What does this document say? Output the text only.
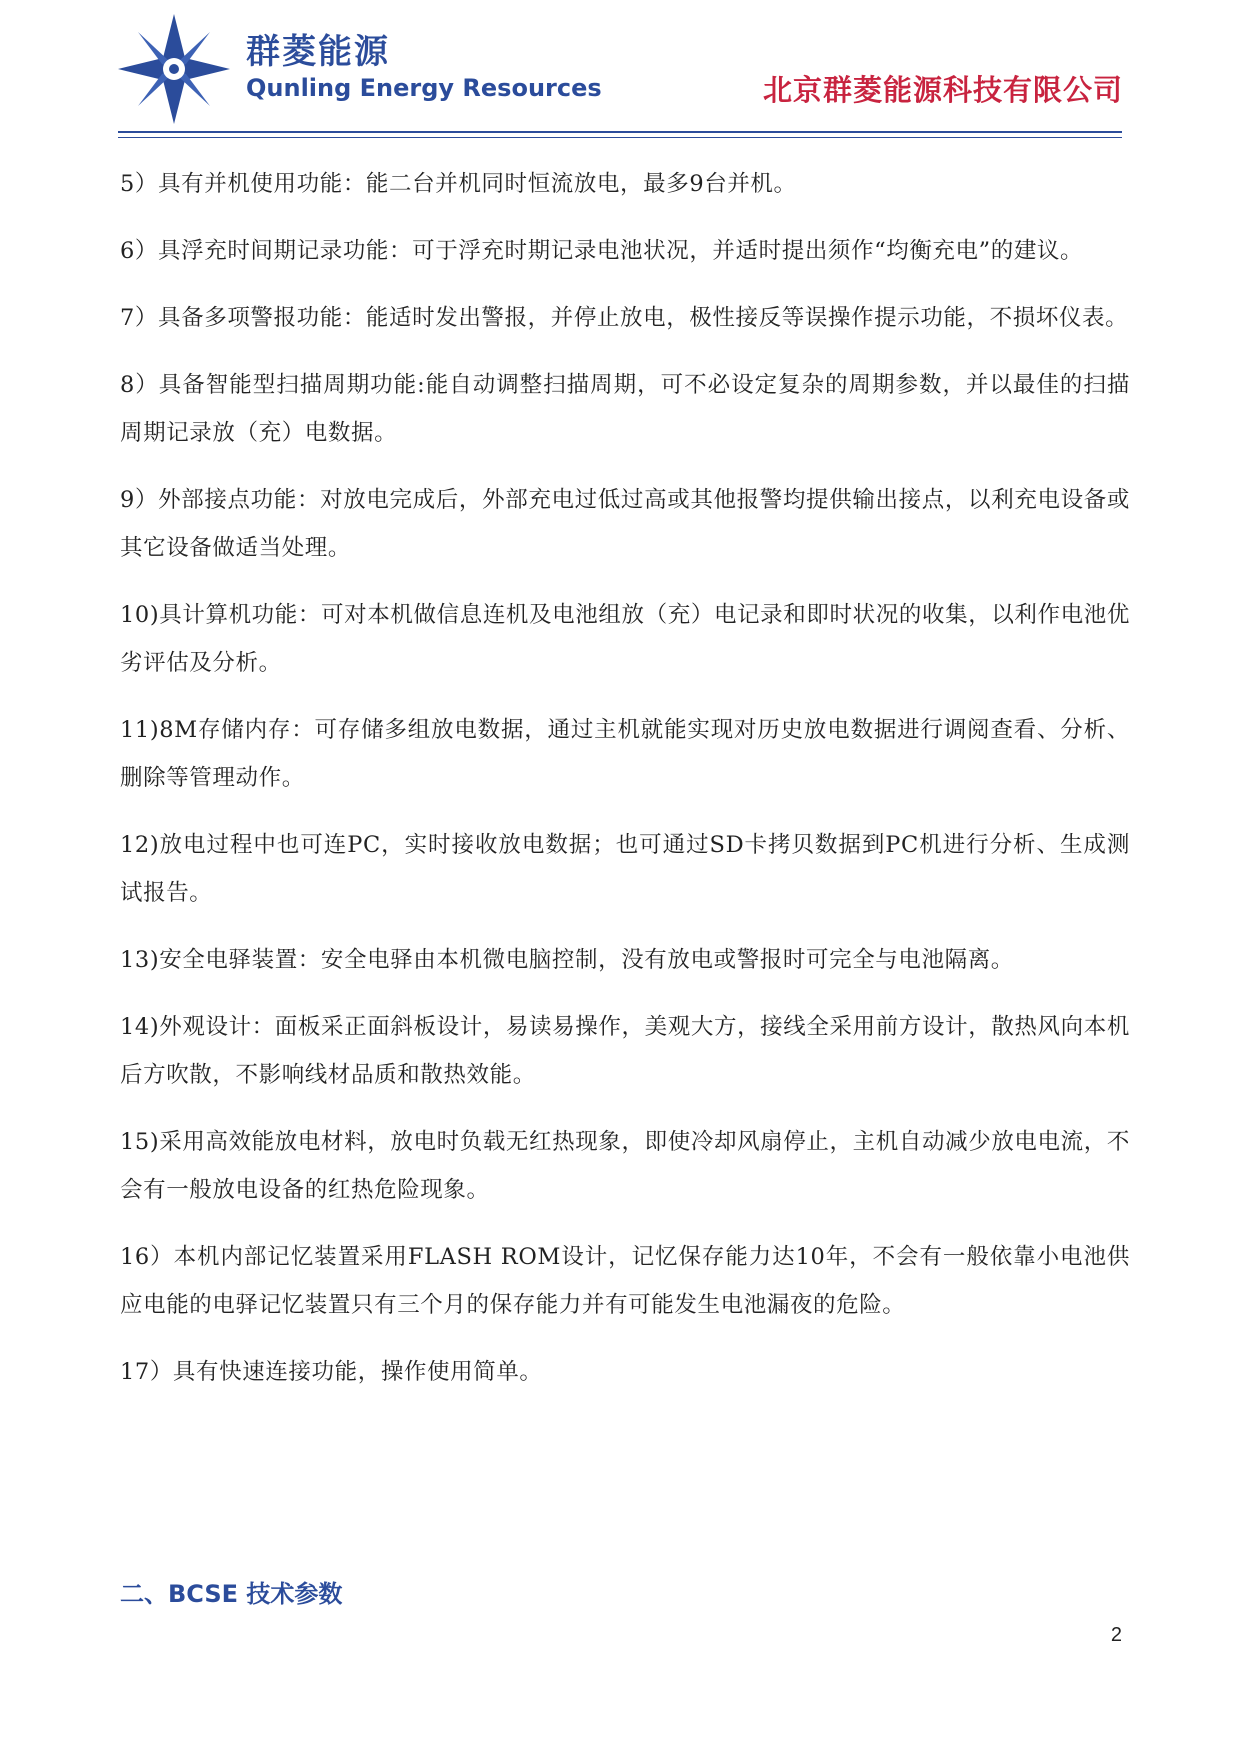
群菱能源
Qunling Energy Resources	北京群菱能源科技有限公司

5）具有并机使用功能：能二台并机同时恒流放电，最多9台并机。

6）具浮充时间期记录功能：可于浮充时期记录电池状况，并适时提出须作“均衡充电”的建议。

7）具备多项警报功能：能适时发出警报，并停止放电，极性接反等误操作提示功能，不损坏仪表。

8）具备智能型扫描周期功能:能自动调整扫描周期，可不必设定复杂的周期参数，并以最佳的扫描周期记录放（充）电数据。

9）外部接点功能：对放电完成后，外部充电过低过高或其他报警均提供输出接点，以利充电设备或其它设备做适当处理。

10)具计算机功能：可对本机做信息连机及电池组放（充）电记录和即时状况的收集，以利作电池优劣评估及分析。

11)8M存储内存：可存储多组放电数据，通过主机就能实现对历史放电数据进行调阅查看、分析、删除等管理动作。

12)放电过程中也可连PC，实时接收放电数据；也可通过SD卡拷贝数据到PC机进行分析、生成测试报告。

13)安全电驿装置：安全电驿由本机微电脑控制，没有放电或警报时可完全与电池隔离。

14)外观设计：面板采正面斜板设计，易读易操作，美观大方，接线全采用前方设计，散热风向本机后方吹散，不影响线材品质和散热效能。

15)采用高效能放电材料，放电时负载无红热现象，即使冷却风扇停止，主机自动减少放电电流，不会有一般放电设备的红热危险现象。

16）本机内部记忆装置采用FLASH ROM设计，记忆保存能力达10年，不会有一般依靠小电池供应电能的电驿记忆装置只有三个月的保存能力并有可能发生电池漏夜的危险。

17）具有快速连接功能，操作使用简单。

二、BCSE 技术参数
2
